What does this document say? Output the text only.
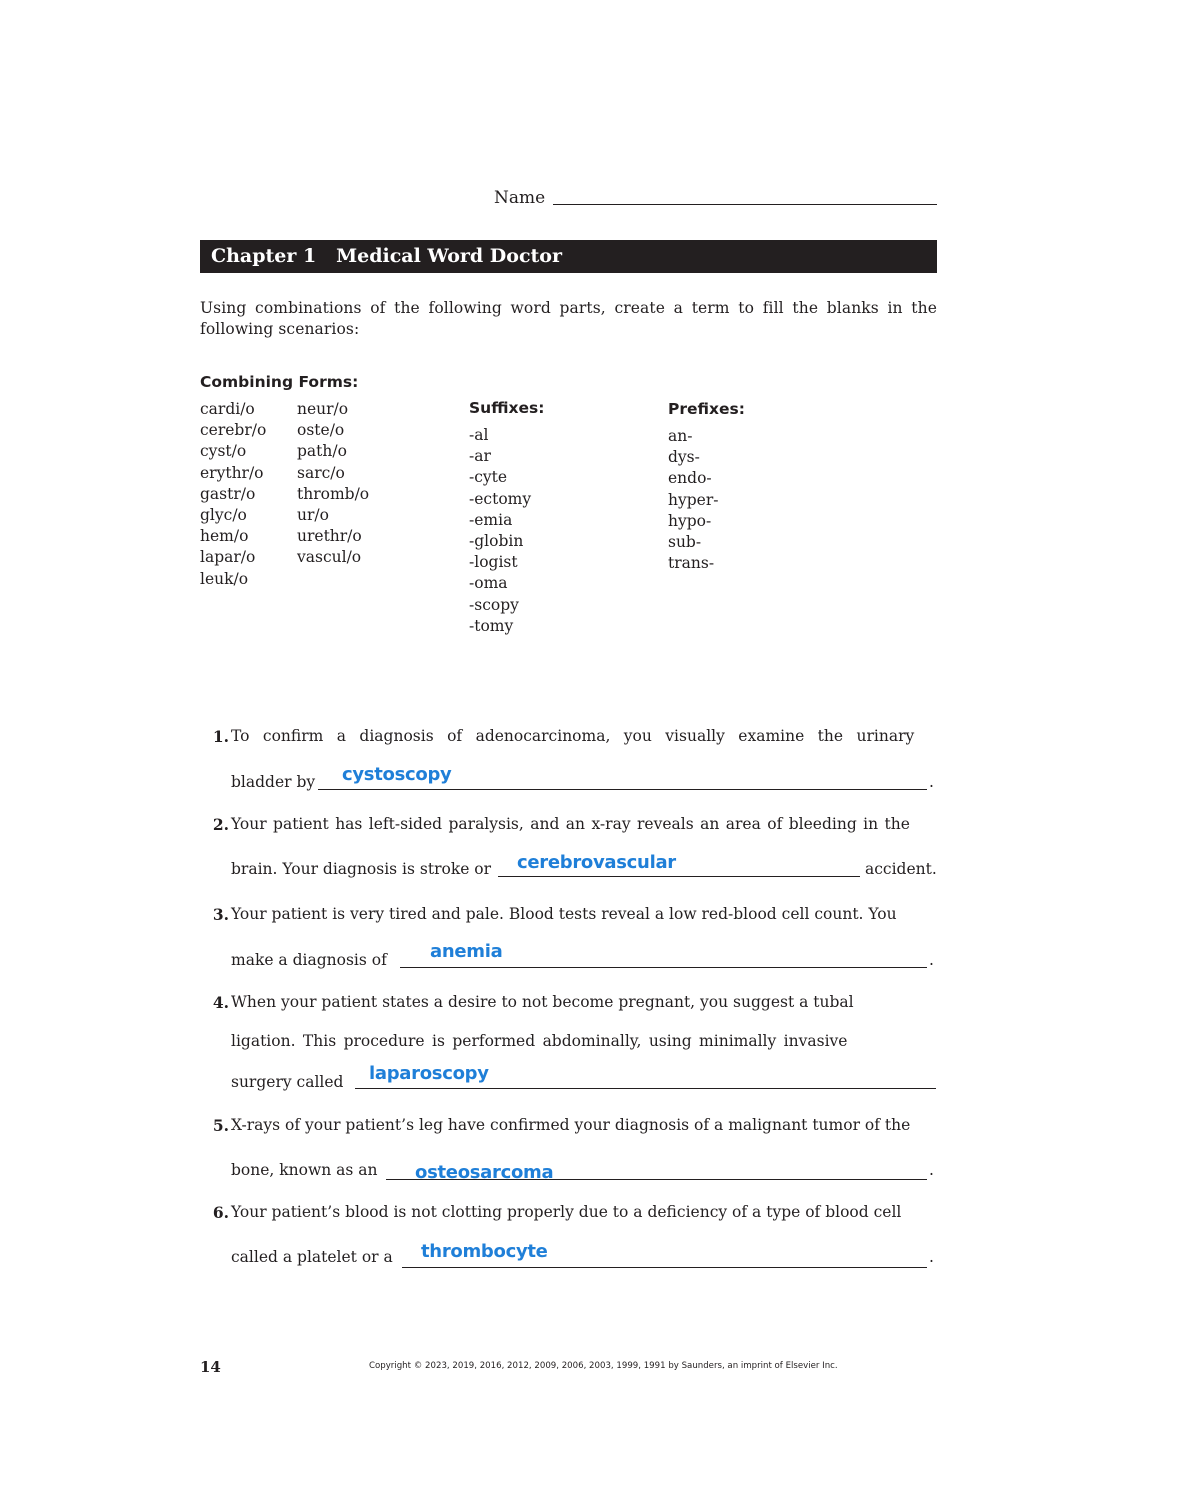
Name
Chapter 1   Medical Word Doctor
Using combinations of the following word parts, create a term to fill the blanks in the following scenarios:
Combining Forms:
cardi/o
cerebr/o
cyst/o
erythr/o
gastr/o
glyc/o
hem/o
lapar/o
leuk/o
neur/o
oste/o
path/o
sarc/o
thromb/o
ur/o
urethr/o
vascul/o
Suffixes:
-al
-ar
-cyte
-ectomy
-emia
-globin
-logist
-oma
-scopy
-tomy
Prefixes:
an-
dys-
endo-
hyper-
hypo-
sub-
trans-
1. To confirm a diagnosis of adenocarcinoma, you visually examine the urinary
bladder by cystoscopy	.
2. Your patient has left-sided paralysis, and an x-ray reveals an area of bleeding in the
brain. Your diagnosis is stroke or cerebrovascular	accident.
3. Your patient is very tired and pale. Blood tests reveal a low red-blood cell count. You
make a diagnosis of anemia	.
4. When your patient states a desire to not become pregnant, you suggest a tubal
ligation. This procedure is performed abdominally, using minimally invasive
surgery called laparoscopy
5. X-rays of your patient’s leg have confirmed your diagnosis of a malignant tumor of the
bone, known as an osteosarcoma	.
6. Your patient’s blood is not clotting properly due to a deficiency of a type of blood cell
called a platelet or a thrombocyte	.
14	Copyright © 2023, 2019, 2016, 2012, 2009, 2006, 2003, 1999, 1991 by Saunders, an imprint of Elsevier Inc.
